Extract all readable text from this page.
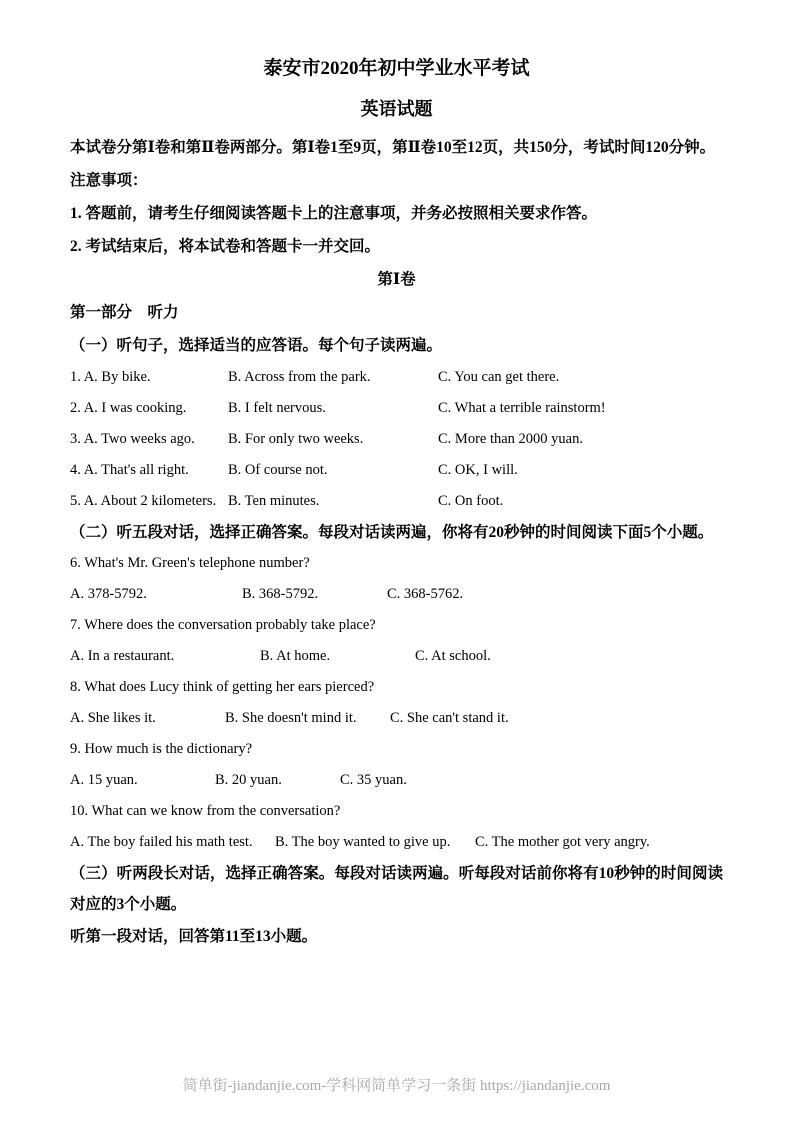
泰安市2020年初中学业水平考试
英语试题

本试卷分第Ⅰ卷和第Ⅱ卷两部分。第Ⅰ卷1至9页，第Ⅱ卷10至12页，共150分，考试时间120分钟。

注意事项：
1. 答题前，请考生仔细阅读答题卡上的注意事项，并务必按照相关要求作答。
2. 考试结束后，将本试卷和答题卡一并交回。
第Ⅰ卷
第一部分　听力
（一）听句子，选择适当的应答语。每个句子读两遍。
1. A. By bike.	B. Across from the park.	C. You can get there.
2. A. I was cooking.	B. I felt nervous.	C. What a terrible rainstorm!
3. A. Two weeks ago.	B. For only two weeks.	C. More than 2000 yuan.
4. A. That's all right.	B. Of course not.	C. OK, I will.
5. A. About 2 kilometers. B. Ten minutes.	C. On foot.
（二）听五段对话，选择正确答案。每段对话读两遍，你将有20秒钟的时间阅读下面5个小题。
6. What's Mr. Green's telephone number?
A. 378-5792.	B. 368-5792.	C. 368-5762.
7. Where does the conversation probably take place?
A. In a restaurant.	B. At home.	C. At school.
8. What does Lucy think of getting her ears pierced?
A. She likes it.	B. She doesn't mind it.	C. She can't stand it.
9. How much is the dictionary?
A. 15 yuan.	B. 20 yuan.	C. 35 yuan.
10. What can we know from the conversation?
A. The boy failed his math test.	B. The boy wanted to give up.	C. The mother got very angry.
（三）听两段长对话，选择正确答案。每段对话读两遍。听每段对话前你将有10秒钟的时间阅读对应的3个小题。
听第一段对话，回答第11至13小题。
简单街-jiandanjie.com-学科网简单学习一条街 https://jiandanjie.com
